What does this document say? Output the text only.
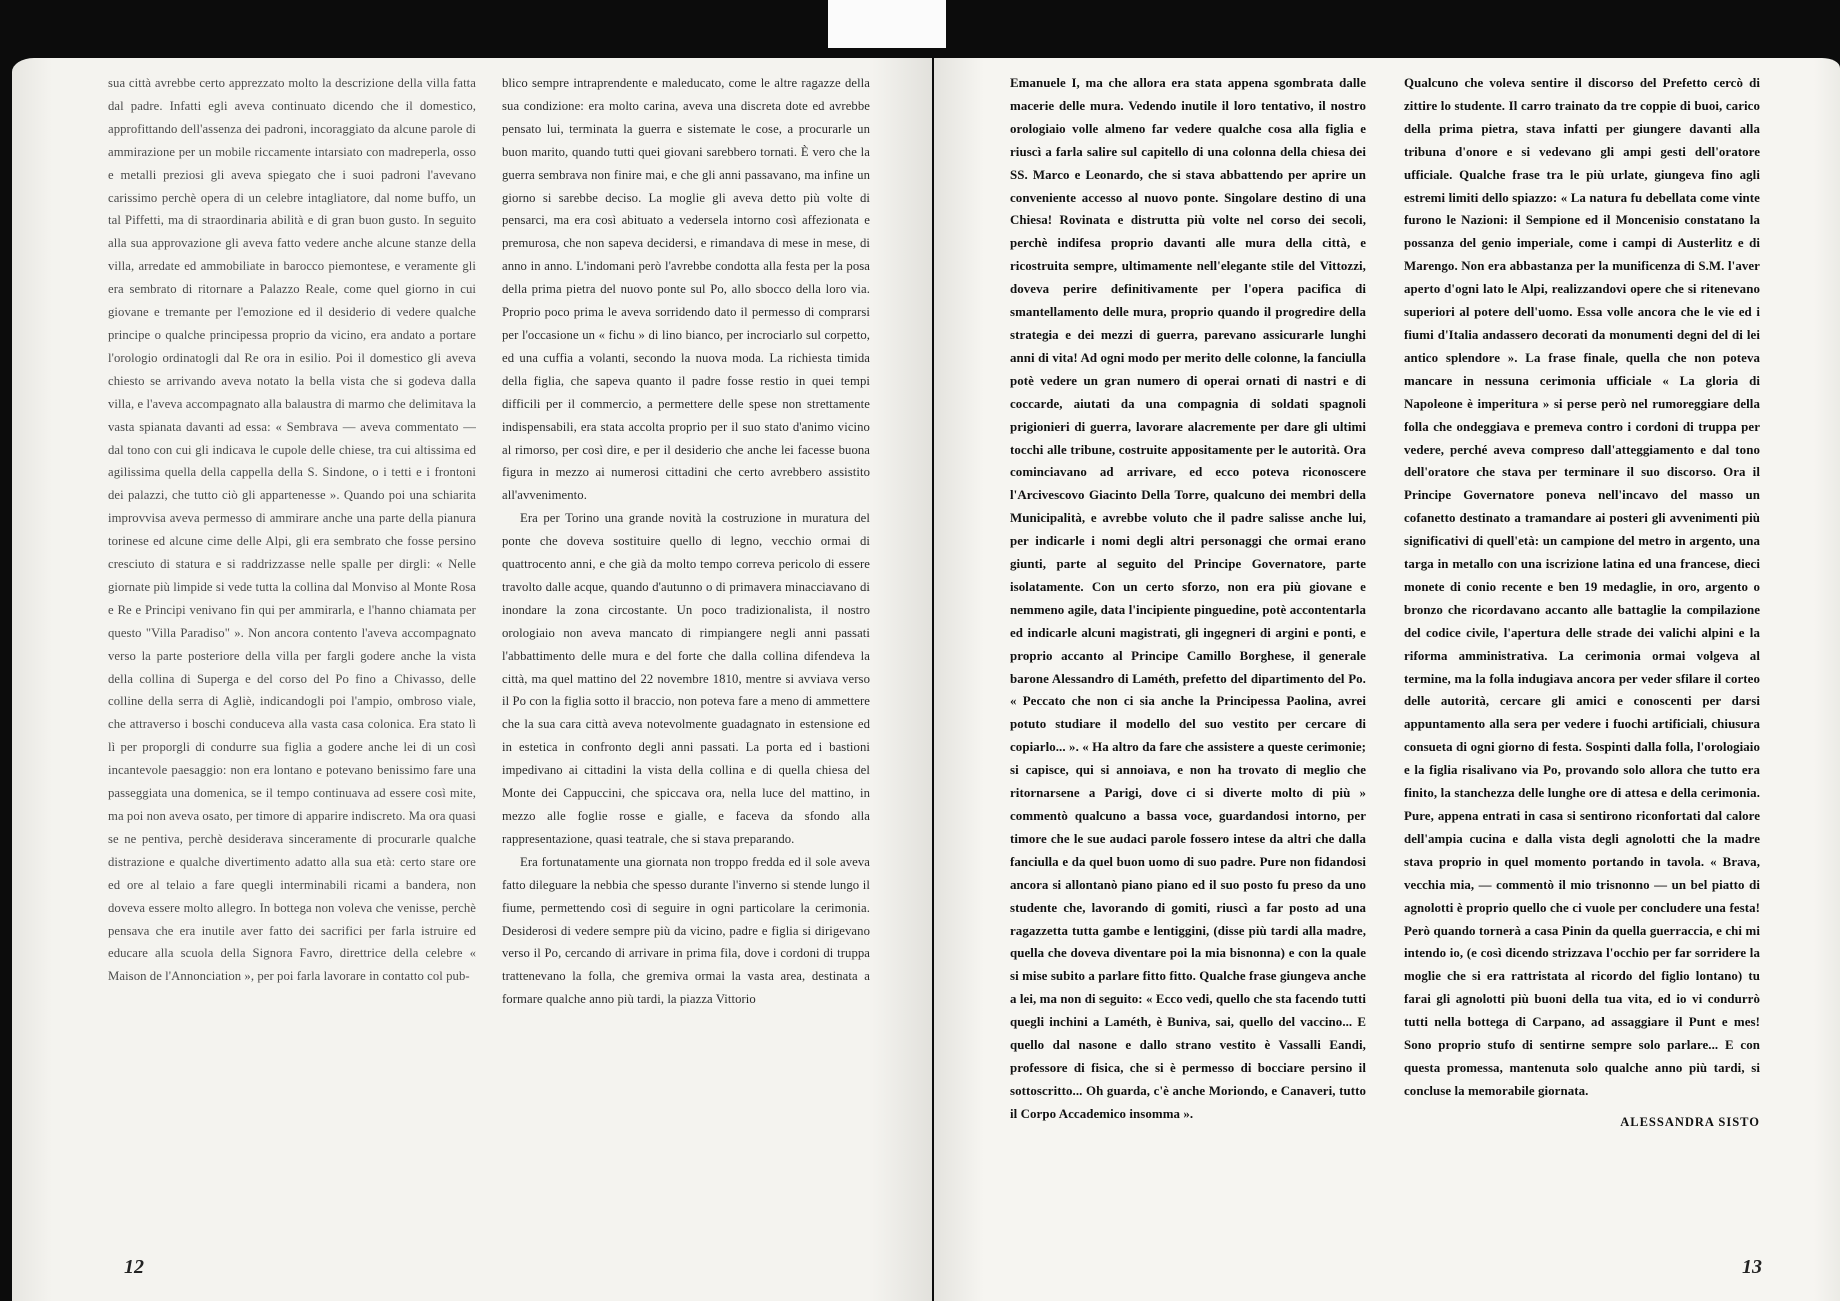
sua città avrebbe certo apprezzato molto la descrizione della villa fatta dal padre. Infatti egli aveva continuato dicendo che il domestico, approfittando dell'assenza dei padroni, incoraggiato da alcune parole di ammirazione per un mobile riccamente intarsiato con madreperla, osso e metalli preziosi gli aveva spiegato che i suoi padroni l'avevano carissimo perchè opera di un celebre intagliatore, dal nome buffo, un tal Piffetti, ma di straordinaria abilità e di gran buon gusto. In seguito alla sua approvazione gli aveva fatto vedere anche alcune stanze della villa, arredate ed ammobiliate in barocco piemontese, e veramente gli era sembrato di ritornare a Palazzo Reale, come quel giorno in cui giovane e tremante per l'emozione ed il desiderio di vedere qualche principe o qualche principessa proprio da vicino, era andato a portare l'orologio ordinatogli dal Re ora in esilio. Poi il domestico gli aveva chiesto se arrivando aveva notato la bella vista che si godeva dalla villa, e l'aveva accompagnato alla balaustra di marmo che delimitava la vasta spianata davanti ad essa: « Sembrava — aveva commentato — dal tono con cui gli indicava le cupole delle chiese, tra cui altissima ed agilissima quella della cappella della S. Sindone, o i tetti e i frontoni dei palazzi, che tutto ciò gli appartenesse ». Quando poi una schiarita improvvisa aveva permesso di ammirare anche una parte della pianura torinese ed alcune cime delle Alpi, gli era sembrato che fosse persino cresciuto di statura e si raddrizzasse nelle spalle per dirgli: « Nelle giornate più limpide si vede tutta la collina dal Monviso al Monte Rosa e Re e Principi venivano fin qui per ammirarla, e l'hanno chiamata per questo "Villa Paradiso" ». Non ancora contento l'aveva accompagnato verso la parte posteriore della villa per fargli godere anche la vista della collina di Superga e del corso del Po fino a Chivasso, delle colline della serra di Agliè, indicandogli poi l'ampio, ombroso viale, che attraverso i boschi conduceva alla vasta casa colonica. Era stato lì lì per proporgli di condurre sua figlia a godere anche lei di un così incantevole paesaggio: non era lontano e potevano benissimo fare una passeggiata una domenica, se il tempo continuava ad essere così mite, ma poi non aveva osato, per timore di apparire indiscreto. Ma ora quasi se ne pentiva, perchè desiderava sinceramente di procurarle qualche distrazione e qualche divertimento adatto alla sua età: certo stare ore ed ore al telaio a fare quegli interminabili ricami a bandera, non doveva essere molto allegro. In bottega non voleva che venisse, perchè pensava che era inutile aver fatto dei sacrifici per farla istruire ed educare alla scuola della Signora Favro, direttrice della celebre « Maison de l'Annonciation », per poi farla lavorare in contatto col pub-

blico sempre intraprendente e maleducato, come le altre ragazze della sua condizione: era molto carina, aveva una discreta dote ed avrebbe pensato lui, terminata la guerra e sistemate le cose, a procurarle un buon marito, quando tutti quei giovani sarebbero tornati. È vero che la guerra sembrava non finire mai, e che gli anni passavano, ma infine un giorno si sarebbe deciso. La moglie gli aveva detto più volte di pensarci, ma era così abituato a vedersela intorno così affezionata e premurosa, che non sapeva decidersi, e rimandava di mese in mese, di anno in anno. L'indomani però l'avrebbe condotta alla festa per la posa della prima pietra del nuovo ponte sul Po, allo sbocco della loro via. Proprio poco prima le aveva sorridendo dato il permesso di comprarsi per l'occasione un « fichu » di lino bianco, per incrociarlo sul corpetto, ed una cuffia a volanti, secondo la nuova moda. La richiesta timida della figlia, che sapeva quanto il padre fosse restio in quei tempi difficili per il commercio, a permettere delle spese non strettamente indispensabili, era stata accolta proprio per il suo stato d'animo vicino al rimorso, per così dire, e per il desiderio che anche lei facesse buona figura in mezzo ai numerosi cittadini che certo avrebbero assistito all'avvenimento.

Era per Torino una grande novità la costruzione in muratura del ponte che doveva sostituire quello di legno, vecchio ormai di quattrocento anni, e che già da molto tempo correva pericolo di essere travolto dalle acque, quando d'autunno o di primavera minacciavano di inondare la zona circostante. Un poco tradizionalista, il nostro orologiaio non aveva mancato di rimpiangere negli anni passati l'abbattimento delle mura e del forte che dalla collina difendeva la città, ma quel mattino del 22 novembre 1810, mentre si avviava verso il Po con la figlia sotto il braccio, non poteva fare a meno di ammettere che la sua cara città aveva notevolmente guadagnato in estensione ed in estetica in confronto degli anni passati. La porta ed i bastioni impedivano ai cittadini la vista della collina e di quella chiesa del Monte dei Cappuccini, che spiccava ora, nella luce del mattino, in mezzo alle foglie rosse e gialle, e faceva da sfondo alla rappresentazione, quasi teatrale, che si stava preparando.

Era fortunatamente una giornata non troppo fredda ed il sole aveva fatto dileguare la nebbia che spesso durante l'inverno si stende lungo il fiume, permettendo così di seguire in ogni particolare la cerimonia. Desiderosi di vedere sempre più da vicino, padre e figlia si dirigevano verso il Po, cercando di arrivare in prima fila, dove i cordoni di truppa trattenevano la folla, che gremiva ormai la vasta area, destinata a formare qualche anno più tardi, la piazza Vittorio

12

Emanuele I, ma che allora era stata appena sgombrata dalle macerie delle mura. Vedendo inutile il loro tentativo, il nostro orologiaio volle almeno far vedere qualche cosa alla figlia e riuscì a farla salire sul capitello di una colonna della chiesa dei SS. Marco e Leonardo, che si stava abbattendo per aprire un conveniente accesso al nuovo ponte. Singolare destino di una Chiesa! Rovinata e distrutta più volte nel corso dei secoli, perchè indifesa proprio davanti alle mura della città, e ricostruita sempre, ultimamente nell'elegante stile del Vittozzi, doveva perire definitivamente per l'opera pacifica di smantellamento delle mura, proprio quando il progredire della strategia e dei mezzi di guerra, parevano assicurarle lunghi anni di vita! Ad ogni modo per merito delle colonne, la fanciulla potè vedere un gran numero di operai ornati di nastri e di coccarde, aiutati da una compagnia di soldati spagnoli prigionieri di guerra, lavorare alacremente per dare gli ultimi tocchi alle tribune, costruite appositamente per le autorità. Ora cominciavano ad arrivare, ed ecco poteva riconoscere l'Arcivescovo Giacinto Della Torre, qualcuno dei membri della Municipalità, e avrebbe voluto che il padre salisse anche lui, per indicarle i nomi degli altri personaggi che ormai erano giunti, parte al seguito del Principe Governatore, parte isolatamente. Con un certo sforzo, non era più giovane e nemmeno agile, data l'incipiente pinguedine, potè accontentarla ed indicarle alcuni magistrati, gli ingegneri di argini e ponti, e proprio accanto al Principe Camillo Borghese, il generale barone Alessandro di Laméth, prefetto del dipartimento del Po. « Peccato che non ci sia anche la Principessa Paolina, avrei potuto studiare il modello del suo vestito per cercare di copiarlo... ». « Ha altro da fare che assistere a queste cerimonie; si capisce, qui si annoiava, e non ha trovato di meglio che ritornarsene a Parigi, dove ci si diverte molto di più » commentò qualcuno a bassa voce, guardandosi intorno, per timore che le sue audaci parole fossero intese da altri che dalla fanciulla e da quel buon uomo di suo padre. Pure non fidandosi ancora si allontanò piano piano ed il suo posto fu preso da uno studente che, lavorando di gomiti, riuscì a far posto ad una ragazzetta tutta gambe e lentiggini, (disse più tardi alla madre, quella che doveva diventare poi la mia bisnonna) e con la quale si mise subito a parlare fitto fitto. Qualche frase giungeva anche a lei, ma non di seguito: « Ecco vedi, quello che sta facendo tutti quegli inchini a Laméth, è Buniva, sai, quello del vaccino... E quello dal nasone e dallo strano vestito è Vassalli Eandi, professore di fisica, che si è permesso di bocciare persino il sottoscritto... Oh guarda, c'è anche Moriondo, e Canaveri, tutto il Corpo Accademico insomma ».

Qualcuno che voleva sentire il discorso del Prefetto cercò di zittire lo studente. Il carro trainato da tre coppie di buoi, carico della prima pietra, stava infatti per giungere davanti alla tribuna d'onore e si vedevano gli ampi gesti dell'oratore ufficiale. Qualche frase tra le più urlate, giungeva fino agli estremi limiti dello spiazzo: « La natura fu debellata come vinte furono le Nazioni: il Sempione ed il Moncenisio constatano la possanza del genio imperiale, come i campi di Austerlitz e di Marengo. Non era abbastanza per la munificenza di S.M. l'aver aperto d'ogni lato le Alpi, realizzandovi opere che si ritenevano superiori al potere dell'uomo. Essa volle ancora che le vie ed i fiumi d'Italia andassero decorati da monumenti degni del di lei antico splendore ». La frase finale, quella che non poteva mancare in nessuna cerimonia ufficiale « La gloria di Napoleone è imperitura » si perse però nel rumoreggiare della folla che ondeggiava e premeva contro i cordoni di truppa per vedere, perché aveva compreso dall'atteggiamento e dal tono dell'oratore che stava per terminare il suo discorso. Ora il Principe Governatore poneva nell'incavo del masso un cofanetto destinato a tramandare ai posteri gli avvenimenti più significativi di quell'età: un campione del metro in argento, una targa in metallo con una iscrizione latina ed una francese, dieci monete di conio recente e ben 19 medaglie, in oro, argento o bronzo che ricordavano accanto alle battaglie la compilazione del codice civile, l'apertura delle strade dei valichi alpini e la riforma amministrativa. La cerimonia ormai volgeva al termine, ma la folla indugiava ancora per veder sfilare il corteo delle autorità, cercare gli amici e conoscenti per darsi appuntamento alla sera per vedere i fuochi artificiali, chiusura consueta di ogni giorno di festa. Sospinti dalla folla, l'orologiaio e la figlia risalivano via Po, provando solo allora che tutto era finito, la stanchezza delle lunghe ore di attesa e della cerimonia. Pure, appena entrati in casa si sentirono riconfortati dal calore dell'ampia cucina e dalla vista degli agnolotti che la madre stava proprio in quel momento portando in tavola. « Brava, vecchia mia, — commentò il mio trisnonno — un bel piatto di agnolotti è proprio quello che ci vuole per concludere una festa! Però quando tornerà a casa Pinin da quella guerraccia, e chi mi intendo io, (e così dicendo strizzava l'occhio per far sorridere la moglie che si era rattristata al ricordo del figlio lontano) tu farai gli agnolotti più buoni della tua vita, ed io vi condurrò tutti nella bottega di Carpano, ad assaggiare il Punt e mes! Sono proprio stufo di sentirne sempre solo parlare... E con questa promessa, mantenuta solo qualche anno più tardi, si concluse la memorabile giornata.

ALESSANDRA SISTO
13
